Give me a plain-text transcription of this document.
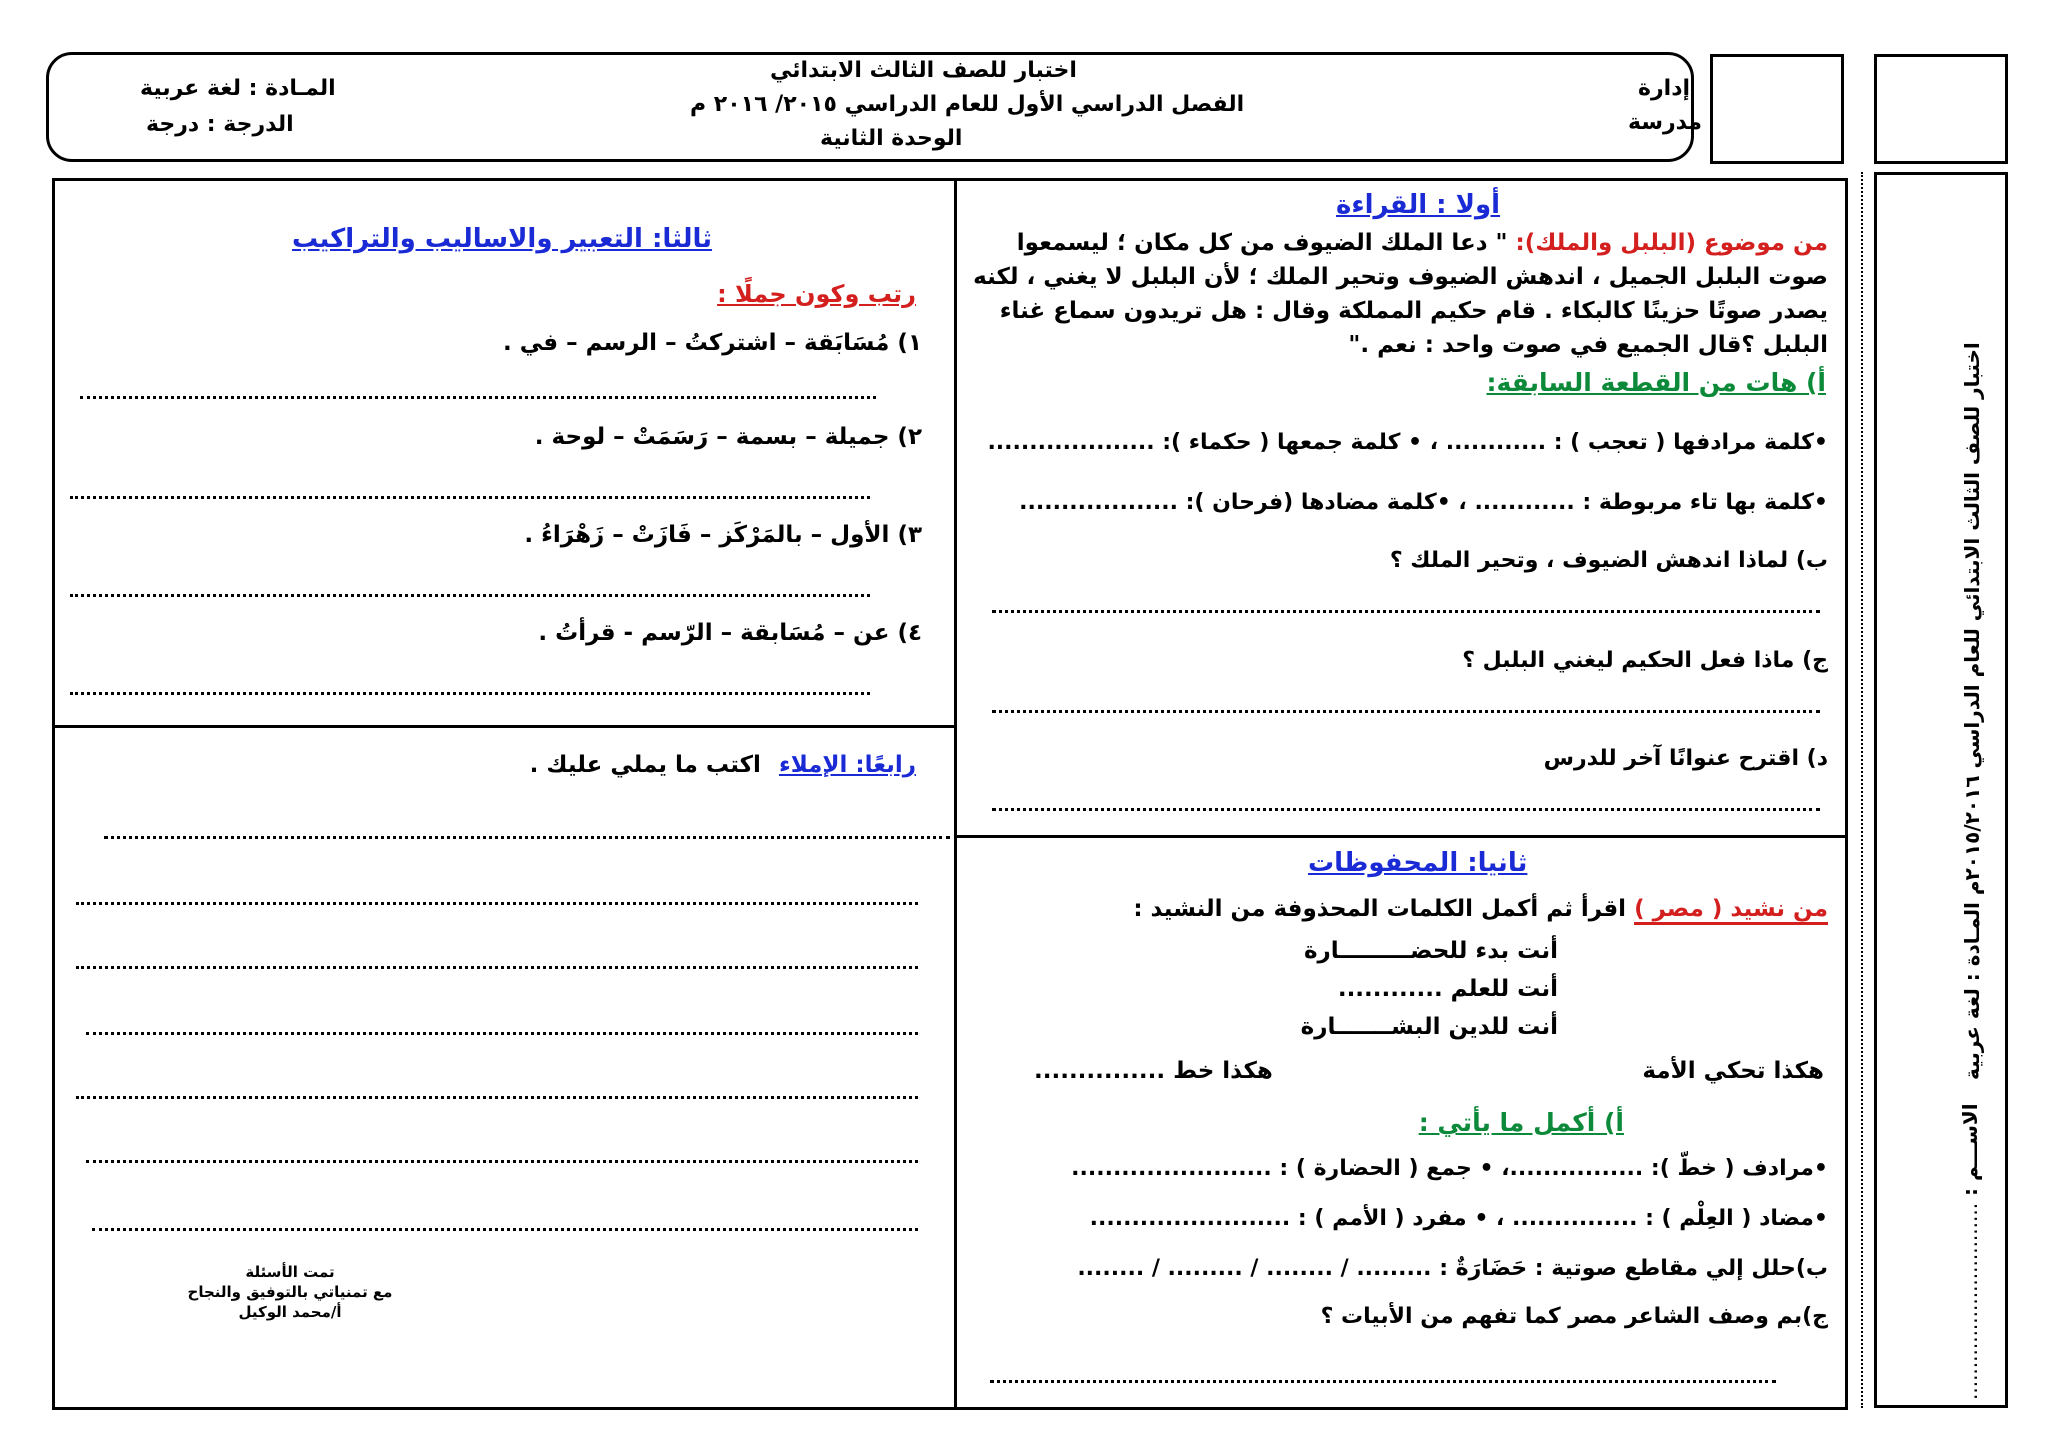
اختبار للصف الثالث الابتدائي
الفصل الدراسي الأول للعام الدراسي ٢٠١٥/ ٢٠١٦ م
الوحدة الثانية
إدارة
مدرسة
المـادة : لغة عربية
الدرجة : درجة
اختبار للصف الثالث الابتدائي للعام الدراسي ٢٠١٥/٢٠١٦م المـادة : لغة عربية
الاســـم : ...............................
أولا : القراءة
من موضوع (البلبل والملك): " دعا الملك الضيوف من كل مكان ؛ ليسمعوا
صوت البلبل الجميل ، اندهش الضيوف وتحير الملك ؛ لأن البلبل لا يغني ، لكنه
يصدر صوتًا حزينًا كالبكاء . قام حكيم المملكة وقال : هل تريدون سماع غناء
البلبل ؟قال الجميع في صوت واحد : نعم ."
أ) هات من القطعة السابقة:
•كلمة مرادفها ( تعجب ) : ............ ، • كلمة جمعها ( حكماء ): ....................
•كلمة بها تاء مربوطة : ............ ، •كلمة مضادها (فرحان ): ...................
ب) لماذا اندهش الضيوف ، وتحير الملك ؟
ج) ماذا فعل الحكيم ليغني البلبل ؟
د) اقترح عنوانًا آخر للدرس
ثانيا: المحفوظات
من نشيد ( مصر ) اقرأ ثم أكمل الكلمات المحذوفة من النشيد :
أنت بدء للحضـــــــــارة
أنت للعلم ............
أنت للدين البشـــــــارة
هكذا تحكي الأمة
هكذا خط ...............
أ) أكمل ما يأتي :
•مرادف ( خطّ ): ................، • جمع ( الحضارة ) : ........................
•مضاد ( العِلْم ) : ............... ، • مفرد ( الأمم ) : ........................
ب)حلل إلي مقاطع صوتية : حَضَارَةٌ : ......... / ........ / ......... / ........
ج)بم وصف الشاعر مصر كما تفهم من الأبيات ؟
ثالثا: التعبير والاساليب والتراكيب
رتب وكون جملًا :
١) مُسَابَقة – اشتركتُ – الرسم – في .
٢) جميلة – بسمة – رَسَمَتْ – لوحة .
٣) الأول – بالمَرْكَز – فَازَتْ – زَهْرَاءُ .
٤) عن – مُسَابقة – الرّسم - قرأتُ .
رابعًا: الإملاء اكتب ما يملي عليك .
تمت الأسئلة
مع تمنياتي بالتوفيق والنجاح
أ/محمد الوكيل
